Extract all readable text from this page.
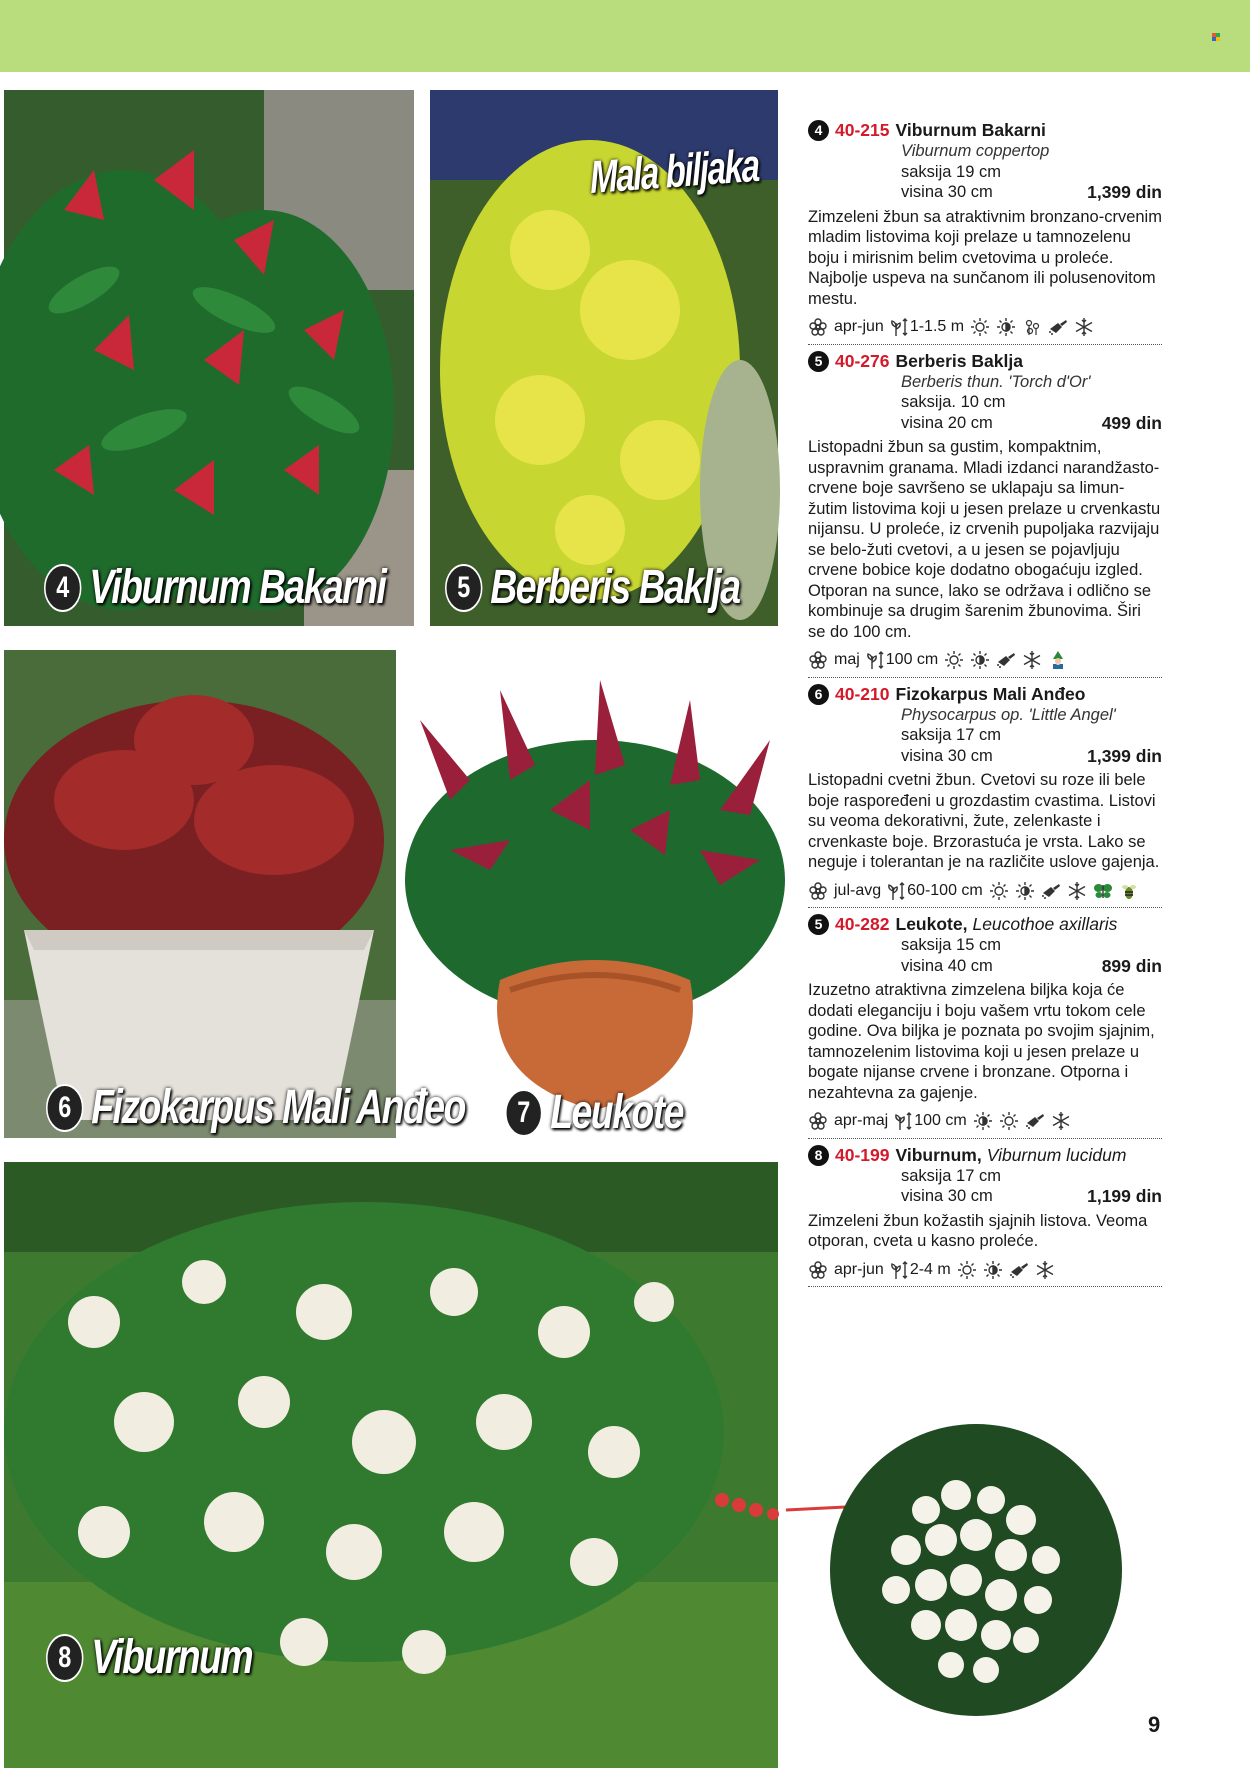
4 Viburnum Bakarni
Mala biljaka
5 Berberis Baklja
6 Fizokarpus Mali Anđeo	7 Leukote
8 Viburnum
4 40-215 Viburnum Bakarni
Viburnum coppertop
saksija 19 cm
visina 30 cm	1,399 din
Zimzeleni žbun sa atraktivnim bronzano-crvenim mladim listovima koji prelaze u tamnozelenu boju i mirisnim belim cvetovima u proleće. Najbolje uspeva na sunčanom ili polusenovitom mestu.
apr-jun 1-1.5 m
5 40-276 Berberis Baklja
Berberis thun. 'Torch d'Or'
saksija. 10 cm
visina 20 cm	499 din
Listopadni žbun sa gustim, kompaktnim, uspravnim granama. Mladi izdanci narandžasto-crvene boje savršeno se uklapaju sa limun-žutim listovima koji u jesen prelaze u crvenkastu nijansu. U proleće, iz crvenih pupoljaka razvijaju se belo-žuti cvetovi, a u jesen se pojavljuju crvene bobice koje dodatno obogaćuju izgled. Otporan na sunce, lako se održava i odlično se kombinuje sa drugim šarenim žbunovima. Širi se do 100 cm.
maj 100 cm
6 40-210 Fizokarpus Mali Anđeo
Physocarpus op. 'Little Angel'
saksija 17 cm
visina 30 cm	1,399 din
Listopadni cvetni žbun. Cvetovi su roze ili bele boje raspoređeni u grozdastim cvastima. Listovi su veoma dekorativni, žute, zelenkaste i crvenkaste boje. Brzorastuća je vrsta. Lako se neguje i tolerantan je na različite uslove gajenja.
jul-avg 60-100 cm
5 40-282 Leukote, Leucothoe axillaris
saksija 15 cm
visina 40 cm	899 din
Izuzetno atraktivna zimzelena biljka koja će dodati eleganciju i boju vašem vrtu tokom cele godine. Ova biljka je poznata po svojim sjajnim, tamnozelenim listovima koji u jesen prelaze u bogate nijanse crvene i bronzane. Otporna i nezahtevna za gajenje.
apr-maj 100 cm
8 40-199 Viburnum, Viburnum lucidum
saksija 17 cm
visina 30 cm	1,199 din
Zimzeleni žbun kožastih sjajnih listova. Veoma otporan, cveta u kasno proleće.
apr-jun 2-4 m
9
